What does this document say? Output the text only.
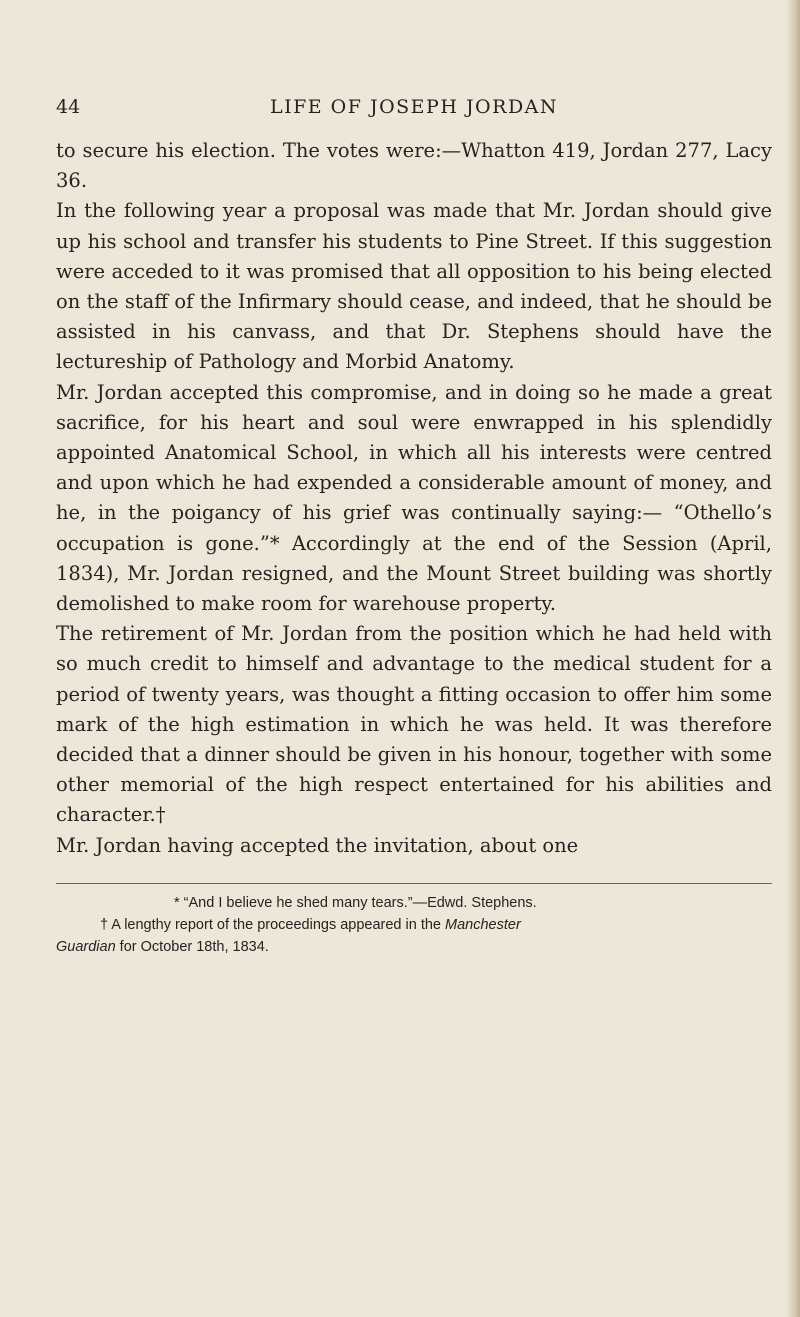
44	LIFE OF JOSEPH JORDAN

to secure his election. The votes were:—Whatton 419, Jordan 277, Lacy 36.

In the following year a proposal was made that Mr. Jordan should give up his school and transfer his students to Pine Street. If this suggestion were acceded to it was promised that all opposition to his being elected on the staff of the Infirmary should cease, and indeed, that he should be assisted in his canvass, and that Dr. Stephens should have the lectureship of Pathology and Morbid Anatomy.

Mr. Jordan accepted this compromise, and in doing so he made a great sacrifice, for his heart and soul were enwrapped in his splendidly appointed Anatomical School, in which all his interests were centred and upon which he had expended a considerable amount of money, and he, in the poigancy of his grief was continually saying:— “Othello’s occupation is gone.”* Accordingly at the end of the Session (April, 1834), Mr. Jordan resigned, and the Mount Street building was shortly demolished to make room for warehouse property.

The retirement of Mr. Jordan from the position which he had held with so much credit to himself and advantage to the medical student for a period of twenty years, was thought a fitting occasion to offer him some mark of the high estimation in which he was held. It was therefore decided that a dinner should be given in his honour, together with some other memorial of the high respect entertained for his abilities and character.†

Mr. Jordan having accepted the invitation, about one

* “And I believe he shed many tears.”—Edwd. Stephens.

† A lengthy report of the proceedings appeared in the Manchester

Guardian for October 18th, 1834.
